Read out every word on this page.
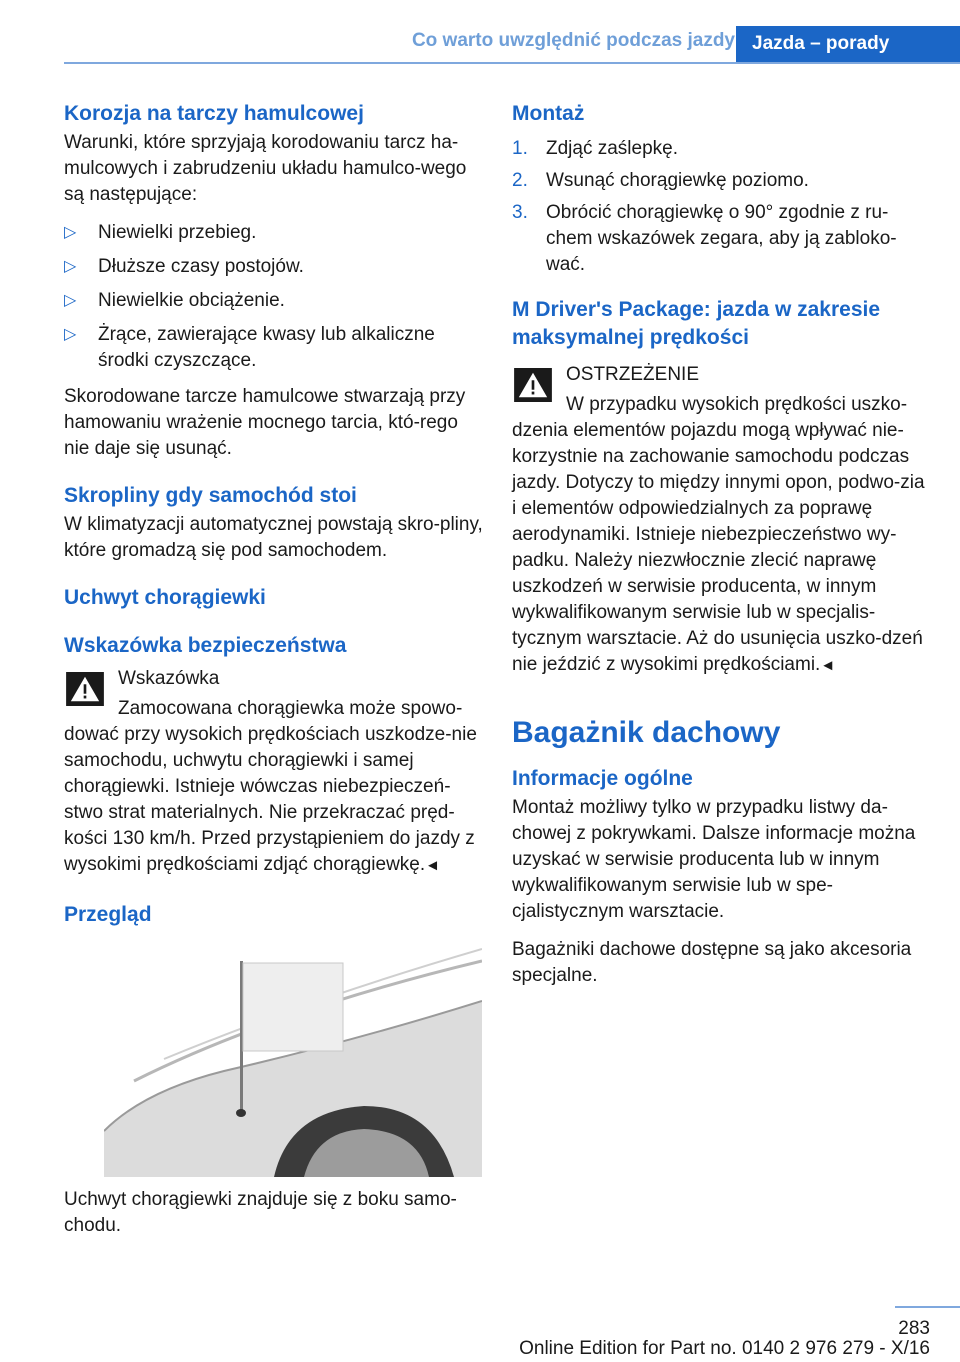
Co warto uwzględnić podczas jazdy Jazda – porady
Korozja na tarczy hamulcowej

Warunki, które sprzyjają korodowaniu tarcz ha-mulcowych i zabrudzeniu układu hamulco-wego są następujące:

▷ Niewielki przebieg.
▷ Dłuższe czasy postojów.
▷ Niewielkie obciążenie.
▷ Żrące, zawierające kwasy lub alkaliczne środki czyszczące.

Skorodowane tarcze hamulcowe stwarzają przy hamowaniu wrażenie mocnego tarcia, któ-rego nie daje się usunąć.

Skropliny gdy samochód stoi

W klimatyzacji automatycznej powstają skro-pliny, które gromadzą się pod samochodem.

Uchwyt chorągiewki
Wskazówka bezpieczeństwa
Wskazówka
Zamocowana chorągiewka może spowo-dować przy wysokich prędkościach uszkodze-nie samochodu, uchwytu chorągiewki i samej chorągiewki. Istnieje wówczas niebezpieczeń-stwo strat materialnych. Nie przekraczać pręd-kości 130 km/h. Przed przystąpieniem do jazdy z wysokimi prędkościami zdjąć chorągiewkę.◄
Przegląd

Uchwyt chorągiewki znajduje się z boku samo-chodu.

Montaż
1. Zdjąć zaślepkę.
2. Wsunąć chorągiewkę poziomo.
3. Obrócić chorągiewkę o 90° zgodnie z ru-chem wskazówek zegara, aby ją zabloko-wać.
M Driver's Package: jazda w zakresie maksymalnej prędkości
OSTRZEŻENIE
W przypadku wysokich prędkości uszko-dzenia elementów pojazdu mogą wpływać nie-korzystnie na zachowanie samochodu podczas jazdy. Dotyczy to między innymi opon, podwo-zia i elementów odpowiedzialnych za poprawę aerodynamiki. Istnieje niebezpieczeństwo wy-padku. Należy niezwłocznie zlecić naprawę uszkodzeń w serwisie producenta, w innym wykwalifikowanym serwisie lub w specjalis-tycznym warsztacie. Aż do usunięcia uszko-dzeń nie jeździć z wysokimi prędkościami.◄
Bagażnik dachowy
Informacje ogólne

Montaż możliwy tylko w przypadku listwy da-chowej z pokrywkami. Dalsze informacje można uzyskać w serwisie producenta lub w innym wykwalifikowanym serwisie lub w spe-cjalistycznym warsztacie.

Bagażniki dachowe dostępne są jako akcesoria specjalne.

283
Online Edition for Part no. 0140 2 976 279 - X/16
